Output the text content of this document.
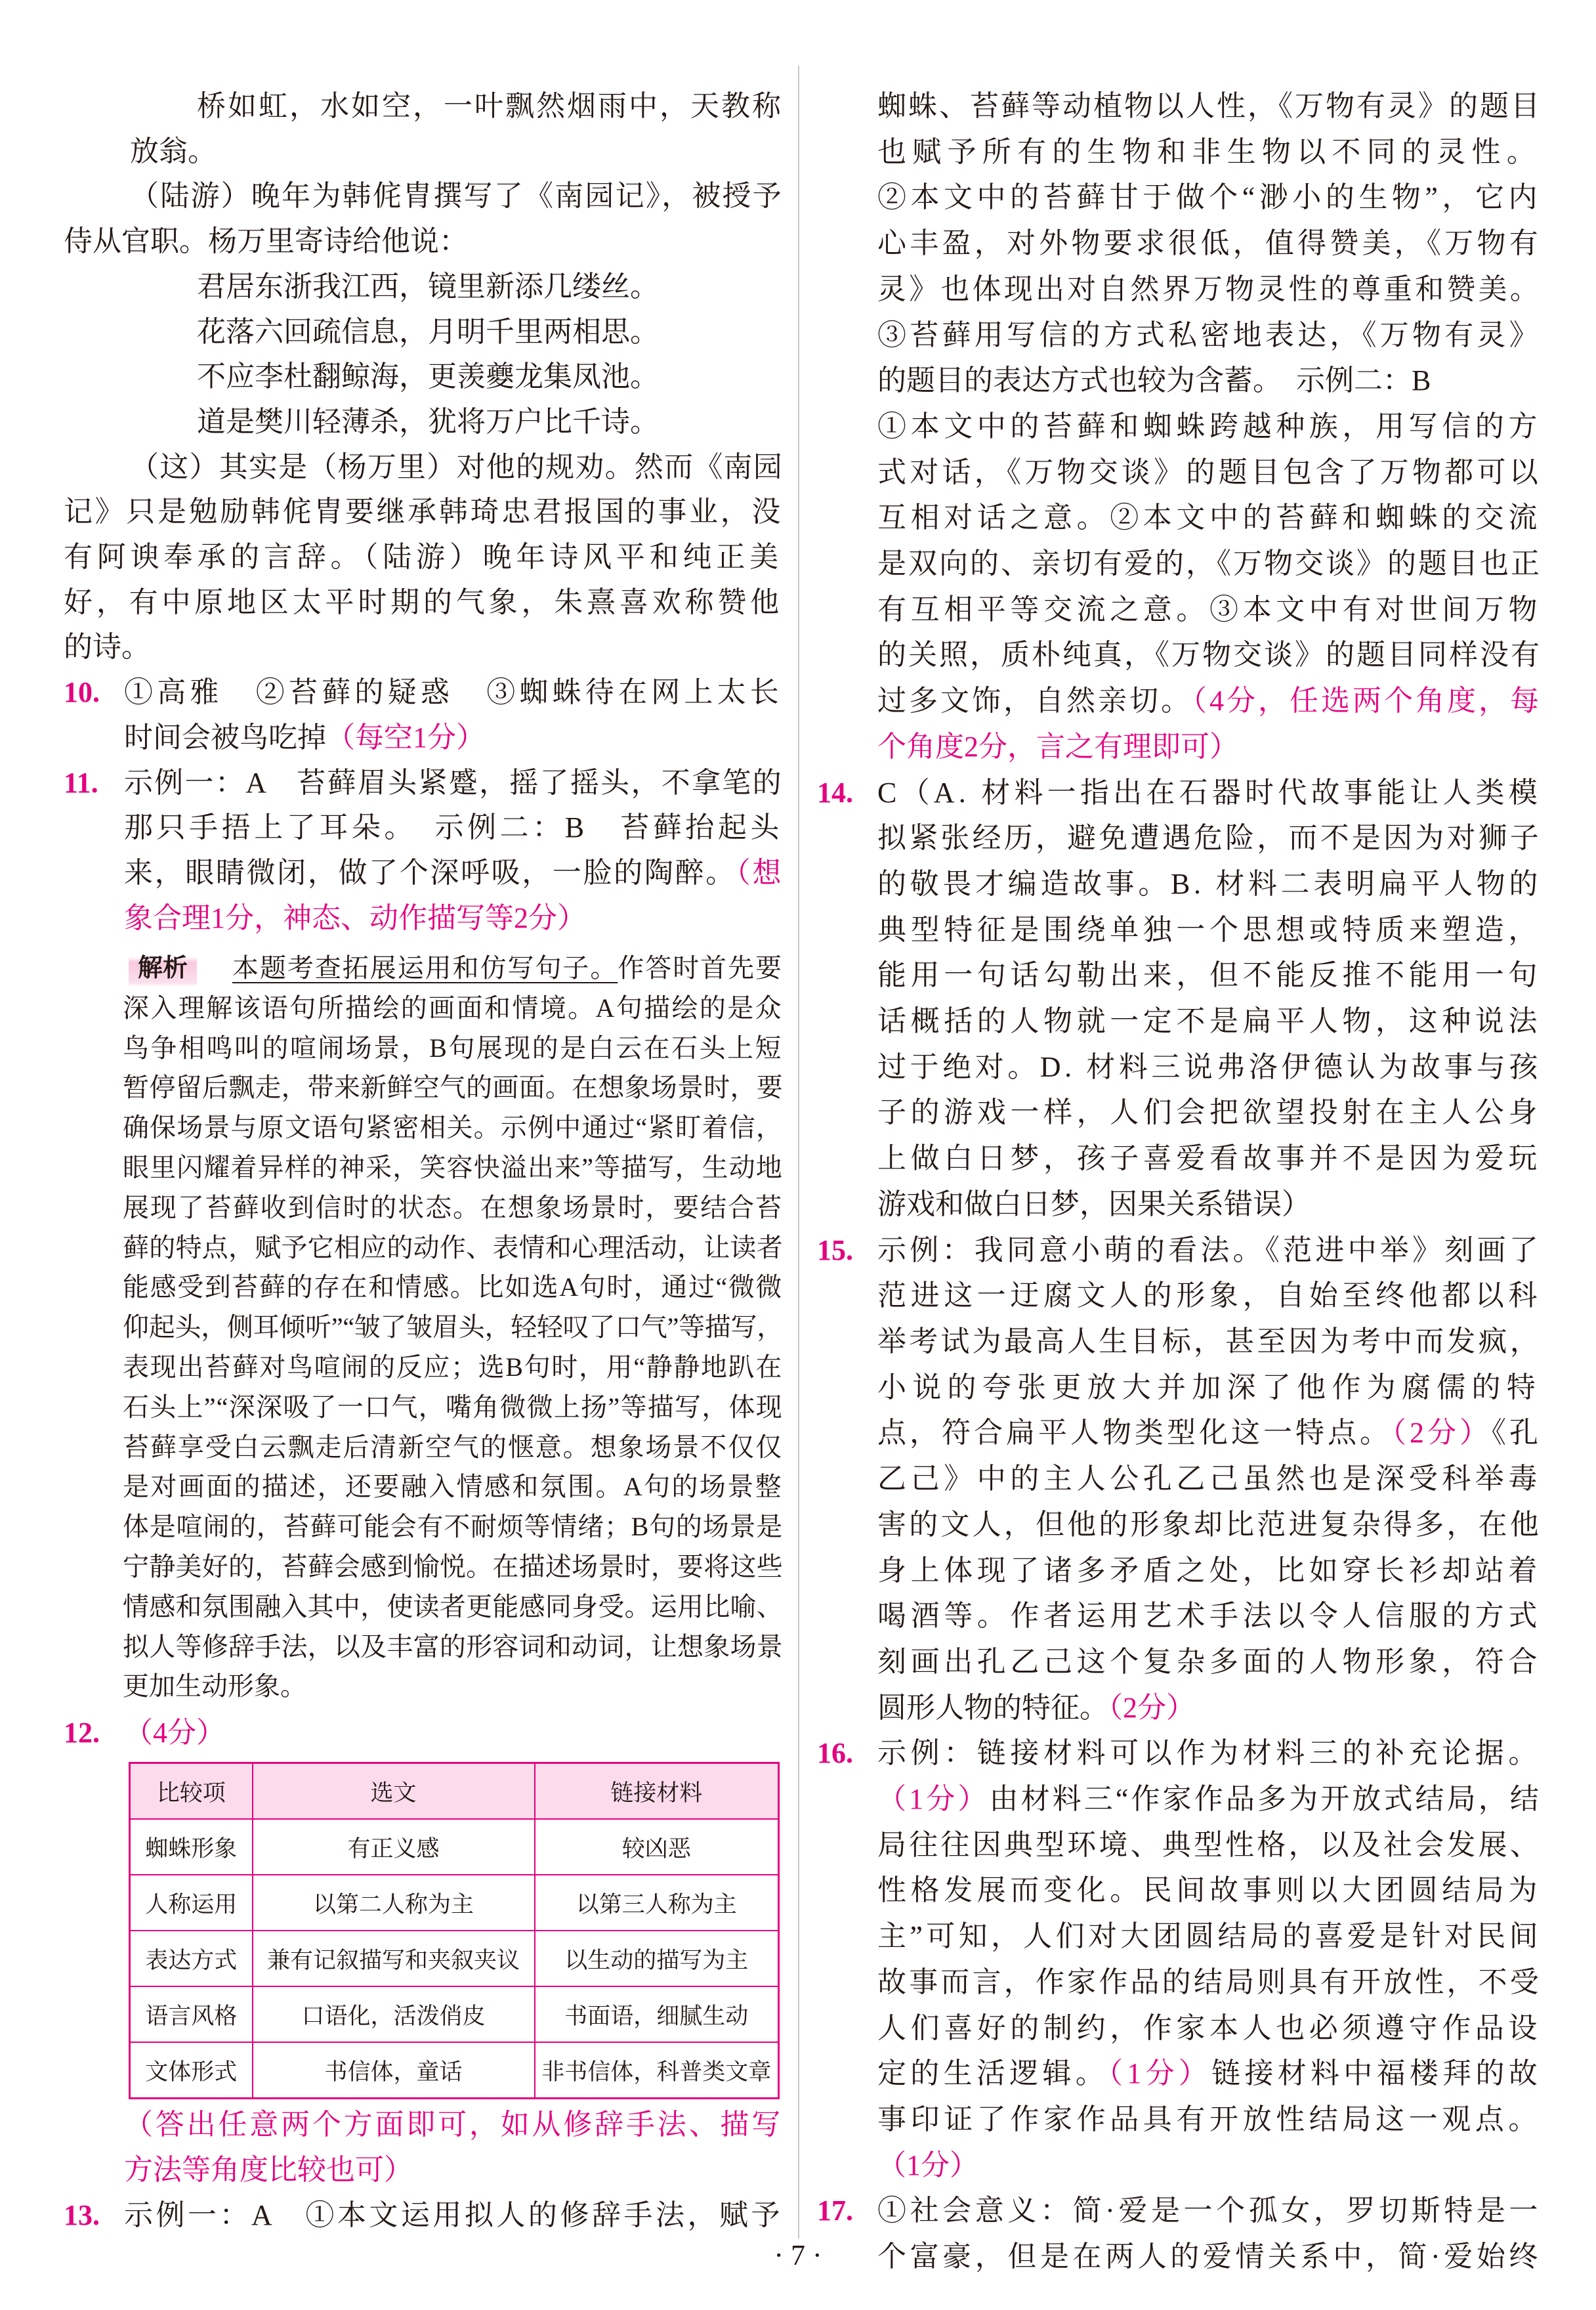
桥如虹，水如空，一叶飘然烟雨中，天教称
放翁。
（陆游）晚年为韩侂胄撰写了《南园记》，被授予
侍从官职。杨万里寄诗给他说：
君居东浙我江西，镜里新添几缕丝。
花落六回疏信息，月明千里两相思。
不应李杜翻鲸海，更羡夔龙集凤池。
道是樊川轻薄杀，犹将万户比千诗。
（这）其实是（杨万里）对他的规劝。然而《南园
记》只是勉励韩侂胄要继承韩琦忠君报国的事业，没
有阿谀奉承的言辞。（陆游）晚年诗风平和纯正美
好，有中原地区太平时期的气象，朱熹喜欢称赞他
的诗。
10. ①高雅　②苔藓的疑惑　③蜘蛛待在网上太长
时间会被鸟吃掉（每空1分）
11. 示例一：A　苔藓眉头紧蹙，摇了摇头，不拿笔的
那只手捂上了耳朵。　示例二：B　苔藓抬起头
来，眼睛微闭，做了个深呼吸，一脸的陶醉。（想
象合理1分，神态、动作描写等2分）
解析	本题考查拓展运用和仿写句子。作答时首先要
深入理解该语句所描绘的画面和情境。A句描绘的是众
鸟争相鸣叫的喧闹场景，B句展现的是白云在石头上短
暂停留后飘走，带来新鲜空气的画面。在想象场景时，要
确保场景与原文语句紧密相关。示例中通过“紧盯着信，
眼里闪耀着异样的神采，笑容快溢出来”等描写，生动地
展现了苔藓收到信时的状态。在想象场景时，要结合苔
藓的特点，赋予它相应的动作、表情和心理活动，让读者
能感受到苔藓的存在和情感。比如选A句时，通过“微微
仰起头，侧耳倾听”“皱了皱眉头，轻轻叹了口气”等描写，
表现出苔藓对鸟喧闹的反应；选B句时，用“静静地趴在
石头上”“深深吸了一口气，嘴角微微上扬”等描写，体现
苔藓享受白云飘走后清新空气的惬意。想象场景不仅仅
是对画面的描述，还要融入情感和氛围。A句的场景整
体是喧闹的，苔藓可能会有不耐烦等情绪；B句的场景是
宁静美好的，苔藓会感到愉悦。在描述场景时，要将这些
情感和氛围融入其中，使读者更能感同身受。运用比喻、
拟人等修辞手法，以及丰富的形容词和动词，让想象场景
更加生动形象。
12. （4分）
比较项	选文	链接材料
蜘蛛形象	有正义感	较凶恶
人称运用	以第二人称为主	以第三人称为主
表达方式	兼有记叙描写和夹叙夹议	以生动的描写为主
语言风格	口语化，活泼俏皮	书面语，细腻生动
文体形式	书信体，童话	非书信体，科普类文章
（答出任意两个方面即可，如从修辞手法、描写
方法等角度比较也可）
13. 示例一：A　①本文运用拟人的修辞手法，赋予
蜘蛛、苔藓等动植物以人性，《万物有灵》的题目
也赋予所有的生物和非生物以不同的灵性。
②本文中的苔藓甘于做个“渺小的生物”，它内
心丰盈，对外物要求很低，值得赞美，《万物有
灵》也体现出对自然界万物灵性的尊重和赞美。
③苔藓用写信的方式私密地表达，《万物有灵》
的题目的表达方式也较为含蓄。　示例二：B
①本文中的苔藓和蜘蛛跨越种族，用写信的方
式对话，《万物交谈》的题目包含了万物都可以
互相对话之意。②本文中的苔藓和蜘蛛的交流
是双向的、亲切有爱的，《万物交谈》的题目也正
有互相平等交流之意。③本文中有对世间万物
的关照，质朴纯真，《万物交谈》的题目同样没有
过多文饰，自然亲切。（4分，任选两个角度，每
个角度2分，言之有理即可）
14. C（A. 材料一指出在石器时代故事能让人类模
拟紧张经历，避免遭遇危险，而不是因为对狮子
的敬畏才编造故事。B. 材料二表明扁平人物的
典型特征是围绕单独一个思想或特质来塑造，
能用一句话勾勒出来，但不能反推不能用一句
话概括的人物就一定不是扁平人物，这种说法
过于绝对。D. 材料三说弗洛伊德认为故事与孩
子的游戏一样，人们会把欲望投射在主人公身
上做白日梦，孩子喜爱看故事并不是因为爱玩
游戏和做白日梦，因果关系错误）
15. 示例：我同意小萌的看法。《范进中举》刻画了
范进这一迂腐文人的形象，自始至终他都以科
举考试为最高人生目标，甚至因为考中而发疯，
小说的夸张更放大并加深了他作为腐儒的特
点，符合扁平人物类型化这一特点。（2分）《孔
乙己》中的主人公孔乙己虽然也是深受科举毒
害的文人，但他的形象却比范进复杂得多，在他
身上体现了诸多矛盾之处，比如穿长衫却站着
喝酒等。作者运用艺术手法以令人信服的方式
刻画出孔乙己这个复杂多面的人物形象，符合
圆形人物的特征。（2分）
16. 示例：链接材料可以作为材料三的补充论据。
（1分）由材料三“作家作品多为开放式结局，结
局往往因典型环境、典型性格，以及社会发展、
性格发展而变化。民间故事则以大团圆结局为
主”可知，人们对大团圆结局的喜爱是针对民间
故事而言，作家作品的结局则具有开放性，不受
人们喜好的制约，作家本人也必须遵守作品设
定的生活逻辑。（1分）链接材料中福楼拜的故
事印证了作家作品具有开放性结局这一观点。
（1分）
17. ①社会意义：简·爱是一个孤女，罗切斯特是一
个富豪，但是在两人的爱情关系中，简·爱始终
· 7 ·
